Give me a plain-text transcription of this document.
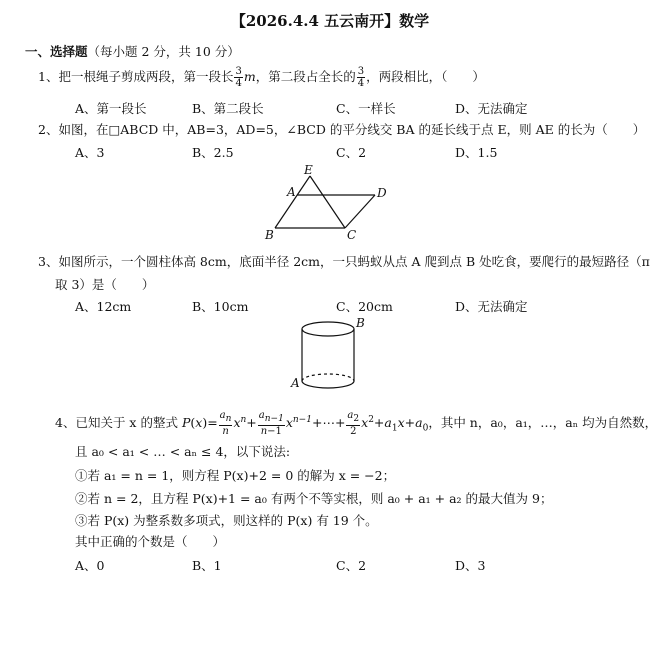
【2026.4.4 五云南开】数学
一、选择题（每小题 2 分，共 10 分）
1、把一根绳子剪成两段，第一段长 $\frac{3}{4}$ m，第二段占全长的 $\frac{3}{4}$ ，两段相比，（　　）
A、第一段长	B、第二段长	C、一样长	D、无法确定
2、如图，在□ABCD 中，AB=3，AD=5，∠BCD 的平分线交 BA 的延长线于点 E，则 AE 的长为（　　）
A、3	B、2.5	C、2	D、1.5
E
A	D
B	C
3、如图所示，一个圆柱体高 8cm，底面半径 2cm，一只蚂蚁从点 A 爬到点 B 处吃食，要爬行的最短路径（π
取 3）是（　　）
A、12cm	B、10cm	C、20cm	D、无法确定
B
A
4、已知关于 x 的整式 $P(x)= \frac{a_n}{n} x^n+ \frac{a_{n-1}}{n-1}$ $x^{n-1}+\cdots+ \frac{a_2}{2} x^2+a_1x+a_0$，其中 n，a₀，a₁，…，aₙ 均为自然数，
且 a₀ < a₁ < … < aₙ ≤ 4，以下说法:
①若 a₁ = n = 1，则方程 P(x)+2 = 0 的解为 x = −2；
②若 n = 2，且方程 P(x)+1 = a₀ 有两个不等实根，则 a₀ + a₁ + a₂ 的最大值为 9；
③若 P(x) 为整系数多项式，则这样的 P(x) 有 19 个。
其中正确的个数是（　　）
A、0	B、1	C、2	D、3
